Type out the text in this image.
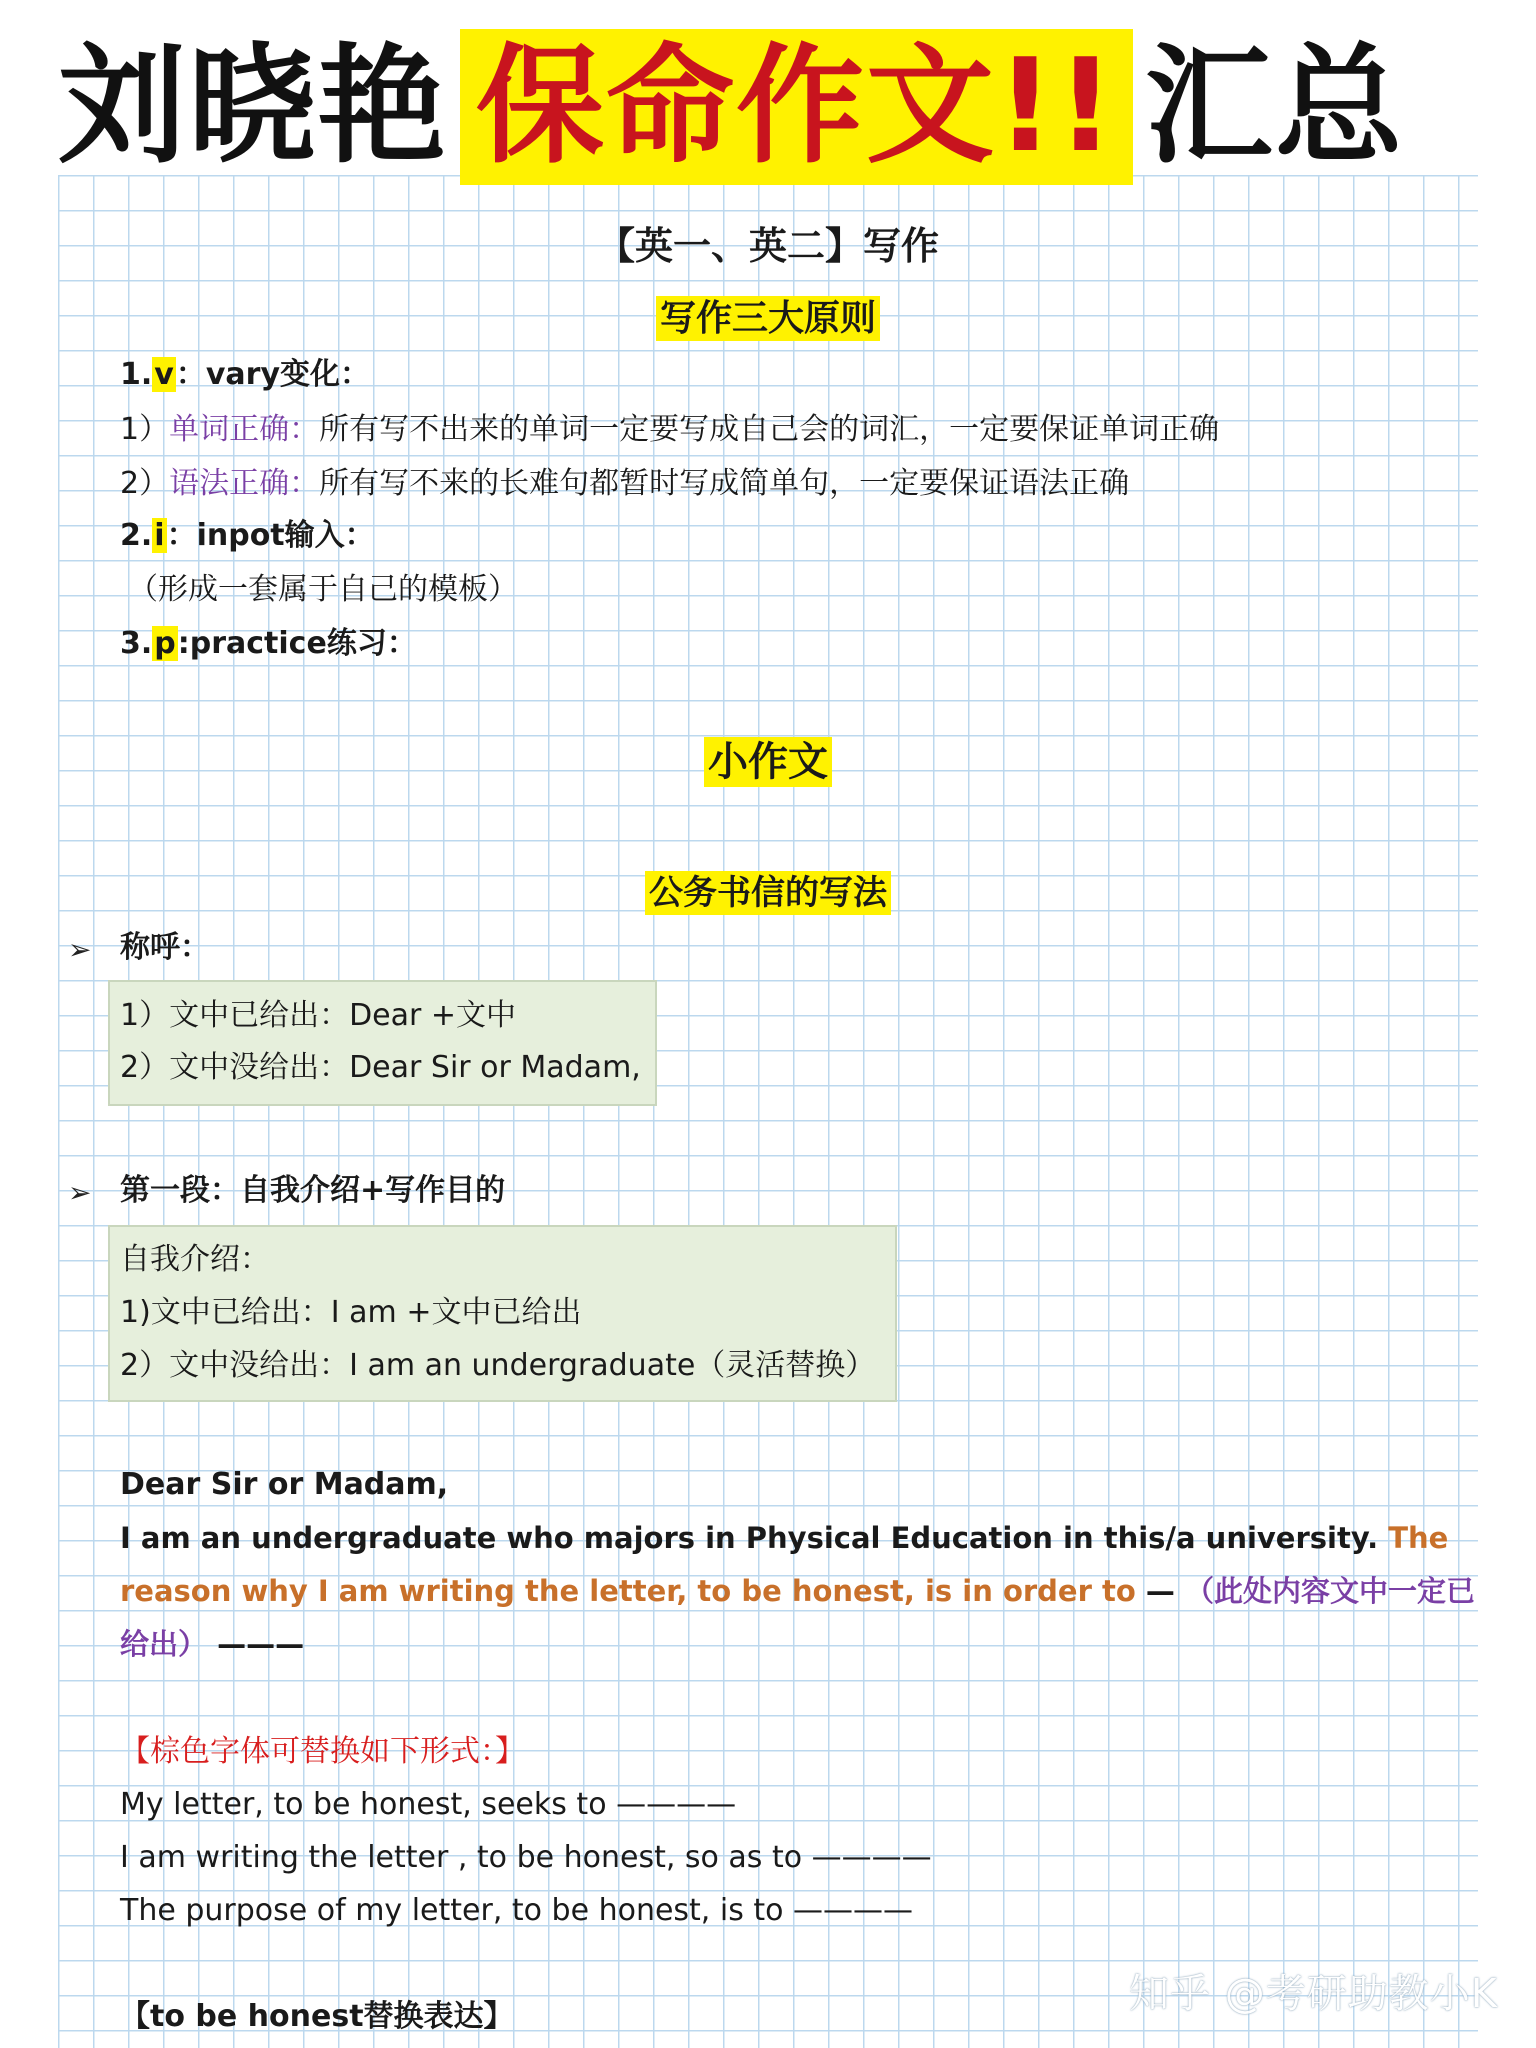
刘晓艳 保命作文!! 汇总
【英一、英二】写作
写作三大原则
1.v：vary变化：
1）单词正确：所有写不出来的单词一定要写成自己会的词汇，一定要保证单词正确
2）语法正确：所有写不来的长难句都暂时写成简单句，一定要保证语法正确
2.i：inpot输入：
（形成一套属于自己的模板）
3.p:practice练习：
小作文
公务书信的写法
➢ 称呼：
1）文中已给出：Dear +文中
2）文中没给出：Dear Sir or Madam,
➢ 第一段：自我介绍+写作目的
自我介绍：
1)文中已给出：I am +文中已给出
2）文中没给出：I am an undergraduate（灵活替换）
Dear Sir or Madam,
I am an undergraduate who majors in Physical Education in this/a university. The
reason why I am writing the letter, to be honest, is in order to — （此处内容文中一定已
给出） ———
【棕色字体可替换如下形式：】
My letter, to be honest, seeks to ————
I am writing the letter , to be honest, so as to ————
The purpose of my letter, to be honest, is to ————
【to be honest替换表达】	知乎 @考研助教小K
